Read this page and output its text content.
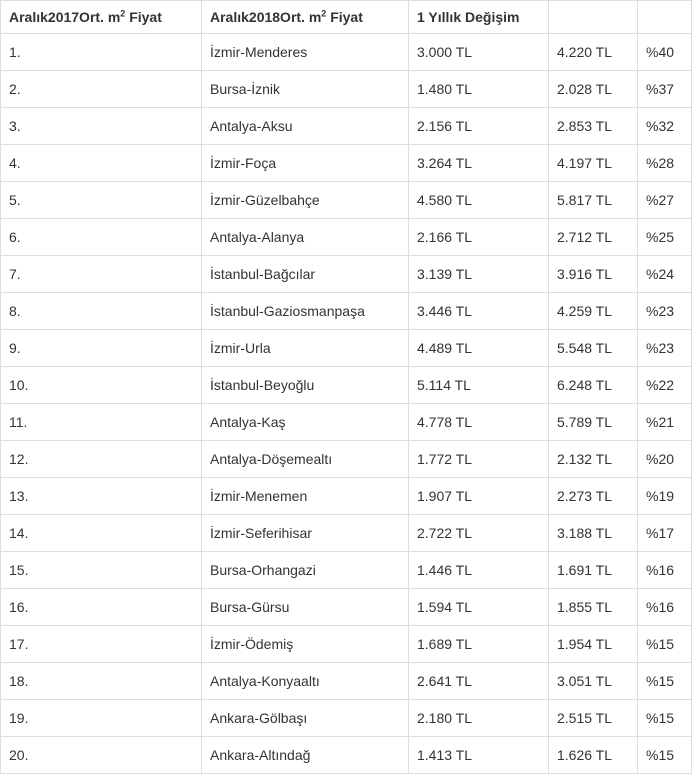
Aralık2017Ort. $m^2$ Fiyat	Aralık2018Ort. $m^2$ Fiyat	1 Yıllık Değişim		
1.	İzmir-Menderes	3.000 TL	4.220 TL	%40
2.	Bursa-İznik	1.480 TL	2.028 TL	%37
3.	Antalya-Aksu	2.156 TL	2.853 TL	%32
4.	İzmir-Foça	3.264 TL	4.197 TL	%28
5.	İzmir-Güzelbahçe	4.580 TL	5.817 TL	%27
6.	Antalya-Alanya	2.166 TL	2.712 TL	%25
7.	İstanbul-Bağcılar	3.139 TL	3.916 TL	%24
8.	İstanbul-Gaziosmanpaşa	3.446 TL	4.259 TL	%23
9.	İzmir-Urla	4.489 TL	5.548 TL	%23
10.	İstanbul-Beyoğlu	5.114 TL	6.248 TL	%22
11.	Antalya-Kaş	4.778 TL	5.789 TL	%21
12.	Antalya-Döşemealtı	1.772 TL	2.132 TL	%20
13.	İzmir-Menemen	1.907 TL	2.273 TL	%19
14.	İzmir-Seferihisar	2.722 TL	3.188 TL	%17
15.	Bursa-Orhangazi	1.446 TL	1.691 TL	%16
16.	Bursa-Gürsu	1.594 TL	1.855 TL	%16
17.	İzmir-Ödemiş	1.689 TL	1.954 TL	%15
18.	Antalya-Konyaaltı	2.641 TL	3.051 TL	%15
19.	Ankara-Gölbaşı	2.180 TL	2.515 TL	%15
20.	Ankara-Altındağ	1.413 TL	1.626 TL	%15
